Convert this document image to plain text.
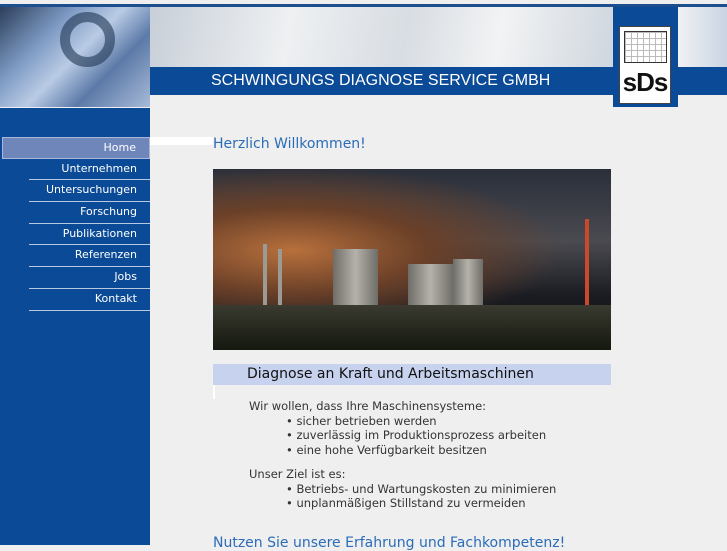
SCHWINGUNGS DIAGNOSE SERVICE GMBH	sDs
Home
Unternehmen
Untersuchungen
Forschung
Publikationen
Referenzen
Jobs
Kontakt
Herzlich Willkommen!
Diagnose an Kraft und Arbeitsmaschinen

Wir wollen, dass Ihre Maschinensysteme:

• sicher betrieben werden
• zuverlässig im Produktionsprozess arbeiten
• eine hohe Verfügbarkeit besitzen

Unser Ziel ist es:

• Betriebs- und Wartungskosten zu minimieren
• unplanmäßigen Stillstand zu vermeiden
Nutzen Sie unsere Erfahrung und Fachkompetenz!
